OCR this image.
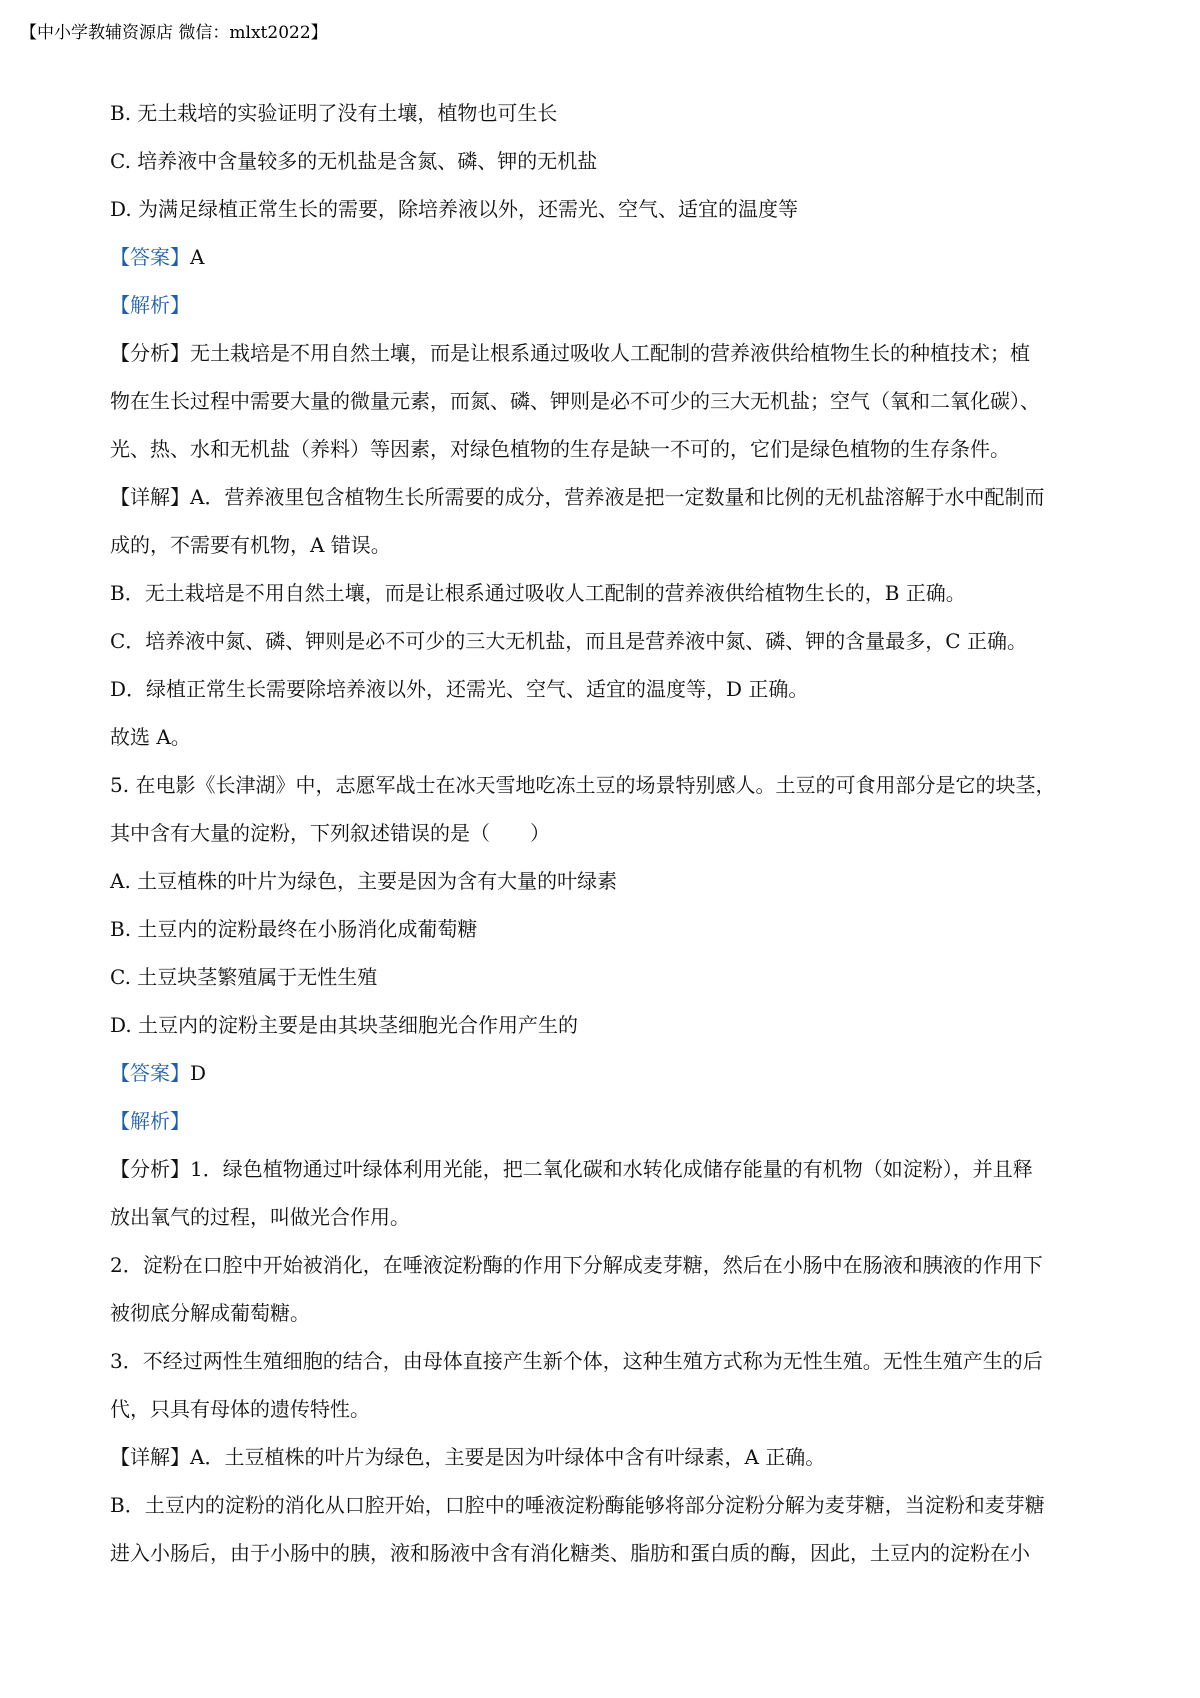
【中小学教辅资源店 微信：mlxt2022】
B. 无土栽培的实验证明了没有土壤，植物也可生长
C. 培养液中含量较多的无机盐是含氮、磷、钾的无机盐
D. 为满足绿植正常生长的需要，除培养液以外，还需光、空气、适宜的温度等
【答案】A
【解析】
【分析】无土栽培是不用自然土壤，而是让根系通过吸收人工配制的营养液供给植物生长的种植技术；植
物在生长过程中需要大量的微量元素，而氮、磷、钾则是必不可少的三大无机盐；空气（氧和二氧化碳）、
光、热、水和无机盐（养料）等因素，对绿色植物的生存是缺一不可的，它们是绿色植物的生存条件。
【详解】A．营养液里包含植物生长所需要的成分，营养液是把一定数量和比例的无机盐溶解于水中配制而
成的，不需要有机物，A 错误。
B．无土栽培是不用自然土壤，而是让根系通过吸收人工配制的营养液供给植物生长的，B 正确。
C．培养液中氮、磷、钾则是必不可少的三大无机盐，而且是营养液中氮、磷、钾的含量最多，C 正确。
D．绿植正常生长需要除培养液以外，还需光、空气、适宜的温度等，D 正确。
故选 A。
5. 在电影《长津湖》中，志愿军战士在冰天雪地吃冻土豆的场景特别感人。土豆的可食用部分是它的块茎，
其中含有大量的淀粉，下列叙述错误的是（　　）
A. 土豆植株的叶片为绿色，主要是因为含有大量的叶绿素
B. 土豆内的淀粉最终在小肠消化成葡萄糖
C. 土豆块茎繁殖属于无性生殖
D. 土豆内的淀粉主要是由其块茎细胞光合作用产生的
【答案】D
【解析】
【分析】1．绿色植物通过叶绿体利用光能，把二氧化碳和水转化成储存能量的有机物（如淀粉），并且释
放出氧气的过程，叫做光合作用。
2．淀粉在口腔中开始被消化，在唾液淀粉酶的作用下分解成麦芽糖，然后在小肠中在肠液和胰液的作用下
被彻底分解成葡萄糖。
3．不经过两性生殖细胞的结合，由母体直接产生新个体，这种生殖方式称为无性生殖。无性生殖产生的后
代，只具有母体的遗传特性。
【详解】A．土豆植株的叶片为绿色，主要是因为叶绿体中含有叶绿素，A 正确。
B．土豆内的淀粉的消化从口腔开始，口腔中的唾液淀粉酶能够将部分淀粉分解为麦芽糖，当淀粉和麦芽糖
进入小肠后，由于小肠中的胰，液和肠液中含有消化糖类、脂肪和蛋白质的酶，因此，土豆内的淀粉在小
